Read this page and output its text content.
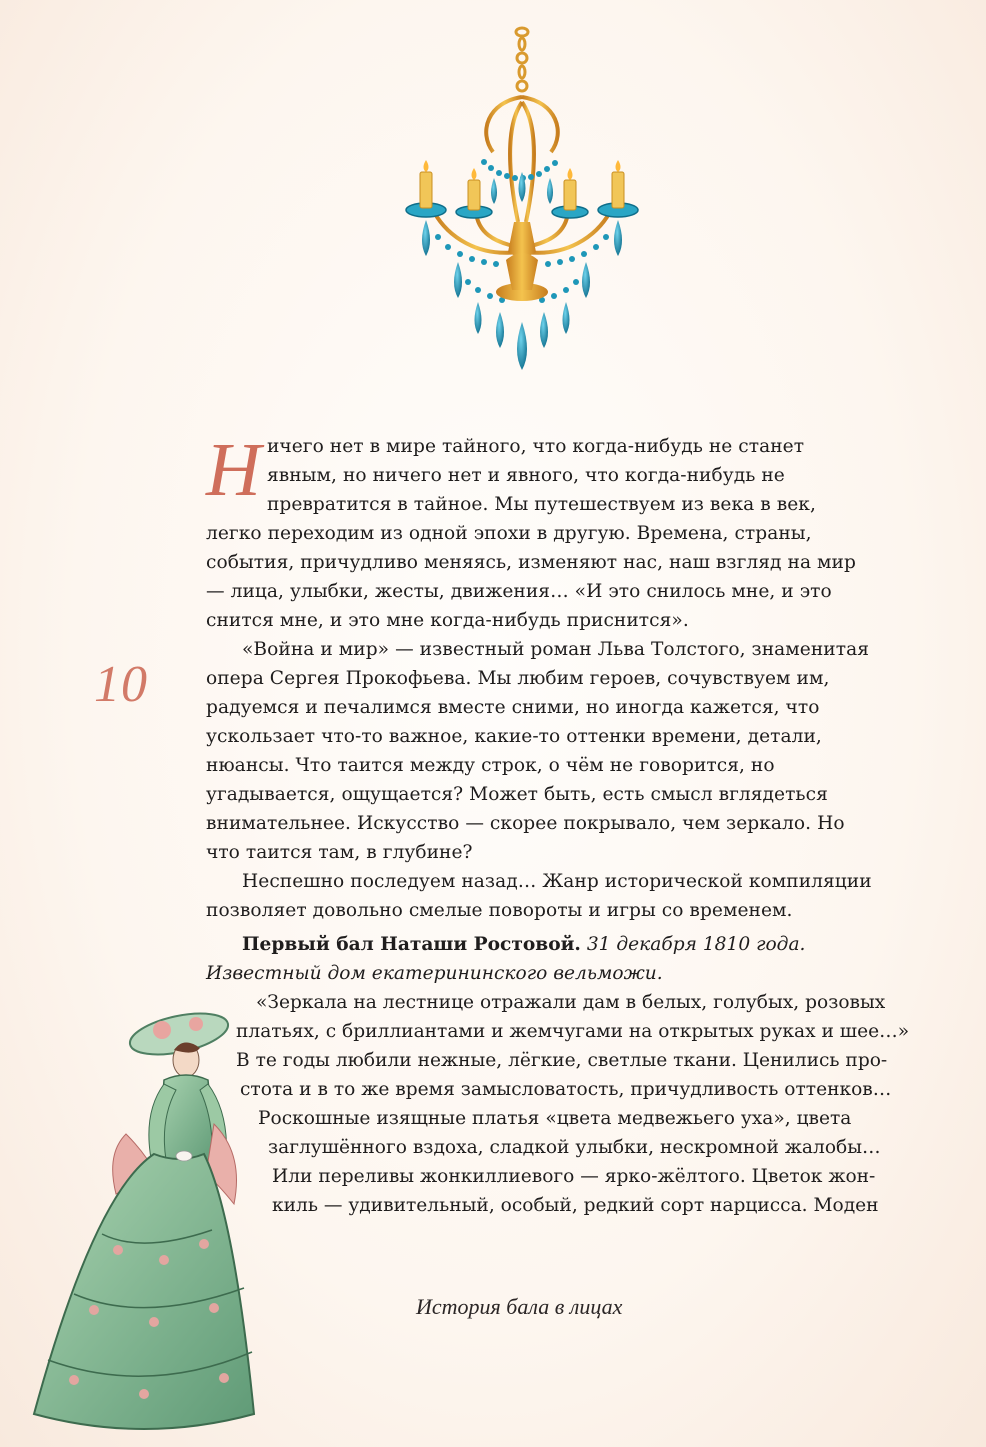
10

Ничего нет в мире тайного, что когда-нибудь не станет явным, но ничего нет и явного, что когда-нибудь не превратится в тайное. Мы путешествуем из века в век, легко переходим из одной эпохи в другую. Времена, страны, события, причудливо меняясь, изменяют нас, наш взгляд на мир — лица, улыбки, жесты, движения… «И это снилось мне, и это снится мне, и это мне когда-нибудь приснится».

«Война и мир» — известный роман Льва Толстого, знаменитая опера Сергея Прокофьева. Мы любим героев, сочувствуем им, радуемся и печалимся вместе сними, но иногда кажется, что ускользает что-то важное, какие-то оттенки времени, детали, нюансы. Что таится между строк, о чём не говорится, но угадывается, ощущается? Может быть, есть смысл вглядеться внимательнее. Искусство — скорее покрывало, чем зеркало. Но что таится там, в глубине?

Неспешно последуем назад… Жанр исторической компиляции позволяет довольно смелые повороты и игры со временем.

Первый бал Наташи Ростовой. 31 декабря 1810 года. Известный дом екатерининского вельможи.

«Зеркала на лестнице отражали дам в белых, голубых, розовых
платьях, с бриллиантами и жемчугами на открытых руках и шее…»
В те годы любили нежные, лёгкие, светлые ткани. Ценились про-
стота и в то же время замысловатость, причудливость оттенков…
Роскошные изящные платья «цвета медвежьего уха», цвета
заглушённого вздоха, сладкой улыбки, нескромной жалобы…
Или переливы жонкиллиевого — ярко-жёлтого. Цветок жон-
киль — удивительный, особый, редкий сорт нарцисса. Моден
История бала в лицах
